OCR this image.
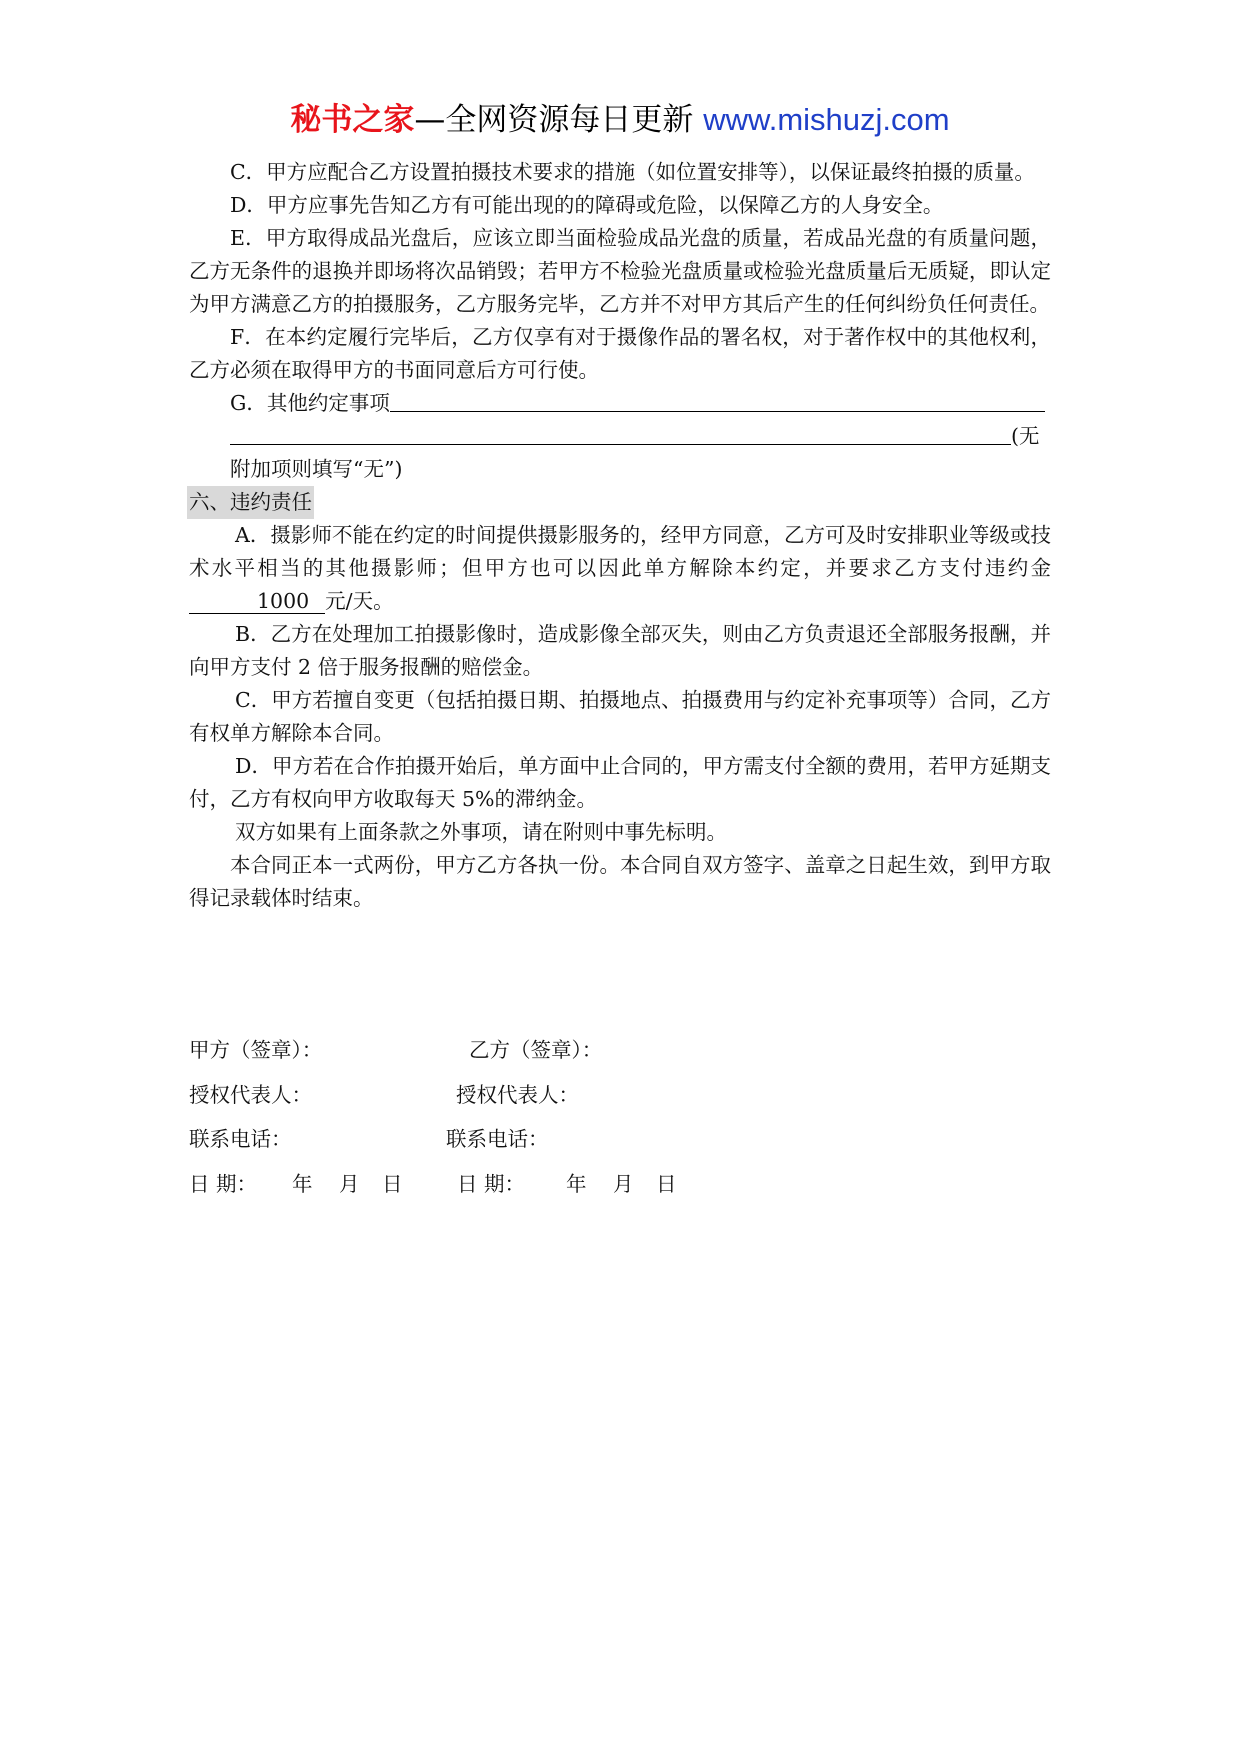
秘书之家—全网资源每日更新 www.mishuzj.com

C．甲方应配合乙方设置拍摄技术要求的措施（如位置安排等），以保证最终拍摄的质量。

D．甲方应事先告知乙方有可能出现的的障碍或危险，以保障乙方的人身安全。

E．甲方取得成品光盘后，应该立即当面检验成品光盘的质量，若成品光盘的有质量问题，乙方无条件的退换并即场将次品销毁；若甲方不检验光盘质量或检验光盘质量后无质疑，即认定为甲方满意乙方的拍摄服务，乙方服务完毕，乙方并不对甲方其后产生的任何纠纷负任何责任。

F．在本约定履行完毕后，乙方仅享有对于摄像作品的署名权，对于著作权中的其他权利，乙方必须在取得甲方的书面同意后方可行使。

G．其他约定事项

(无

附加项则填写“无”)

六、违约责任

A．摄影师不能在约定的时间提供摄影服务的，经甲方同意，乙方可及时安排职业等级或技术水平相当的其他摄影师；但甲方也可以因此单方解除本约定，并要求乙方支付违约金1000 元/天。

B．乙方在处理加工拍摄影像时，造成影像全部灭失，则由乙方负责退还全部服务报酬，并向甲方支付 2 倍于服务报酬的赔偿金。

C．甲方若擅自变更（包括拍摄日期、拍摄地点、拍摄费用与约定补充事项等）合同，乙方有权单方解除本合同。

D．甲方若在合作拍摄开始后，单方面中止合同的，甲方需支付全额的费用，若甲方延期支付，乙方有权向甲方收取每天 5%的滞纳金。

双方如果有上面条款之外事项，请在附则中事先标明。

本合同正本一式两份，甲方乙方各执一份。本合同自双方签字、盖章之日起生效，到甲方取得记录载体时结束。

甲方（签章）：	乙方（签章）：
授权代表人：	授权代表人：
联系电话：	联系电话：
日 期： 年 月 日	日 期： 年 月 日
